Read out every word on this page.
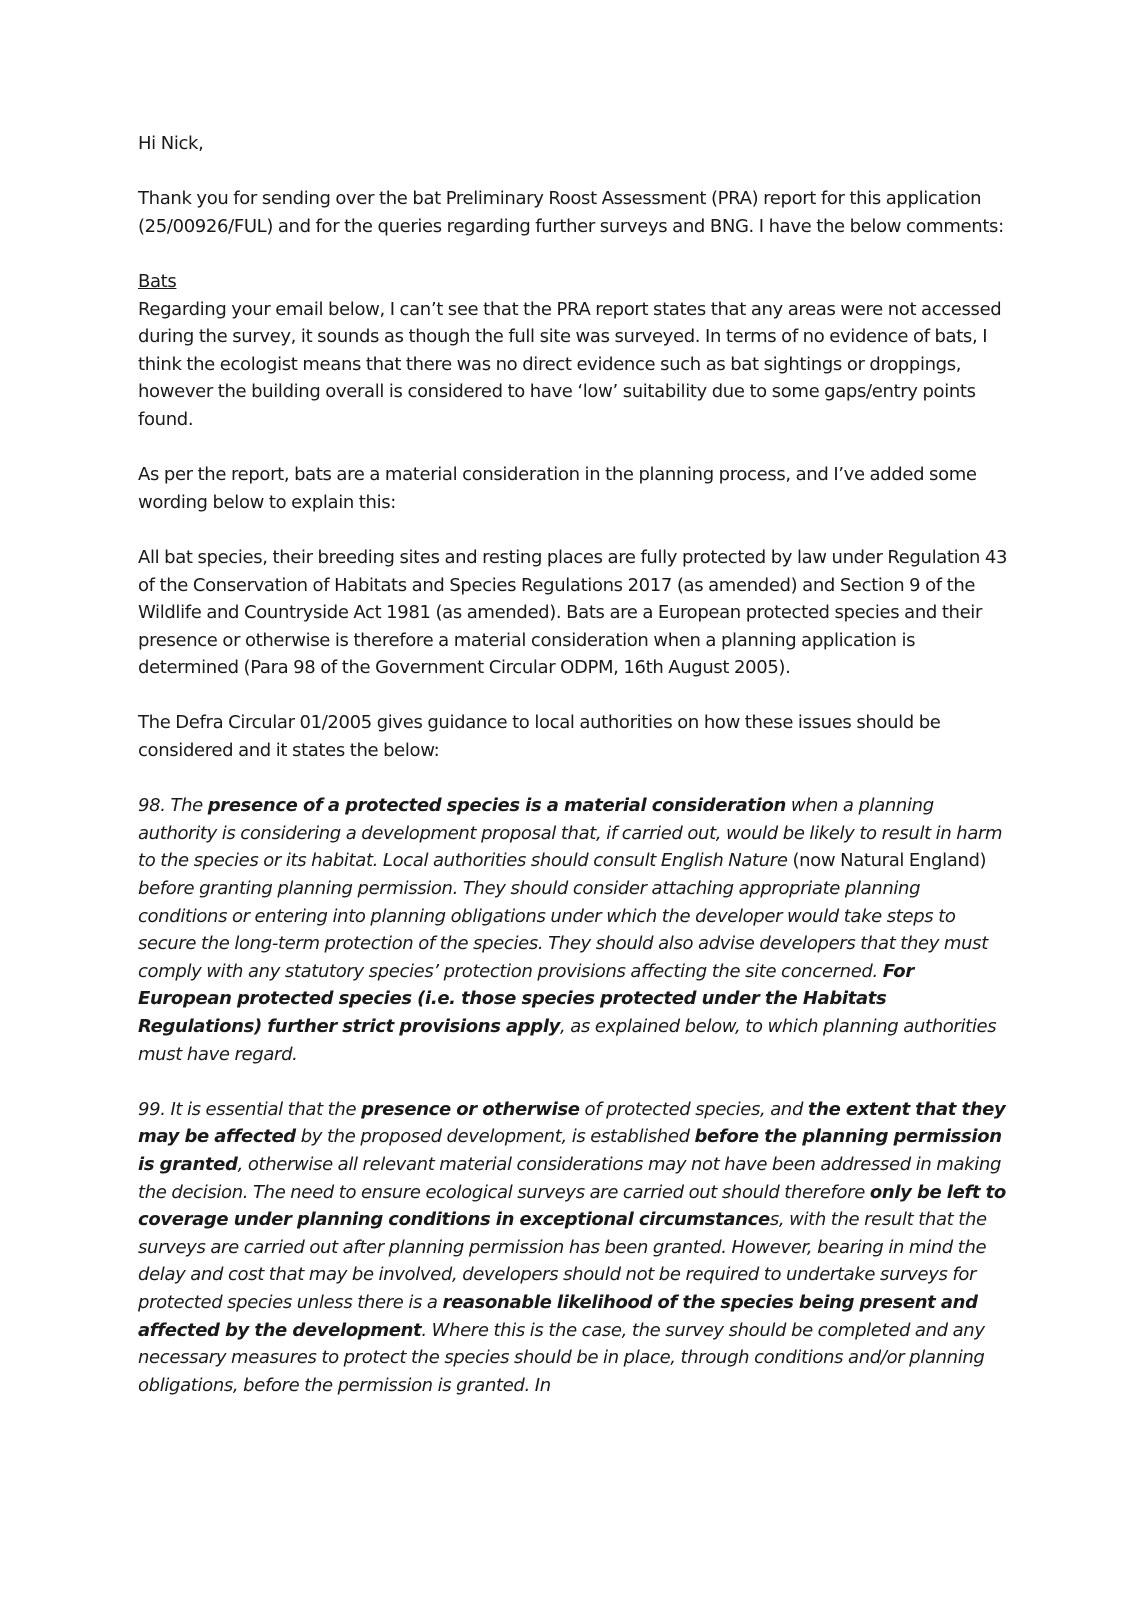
Hi Nick,

Thank you for sending over the bat Preliminary Roost Assessment (PRA) report for this application (25/00926/FUL) and for the queries regarding further surveys and BNG. I have the below comments:

Bats

Regarding your email below, I can’t see that the PRA report states that any areas were not accessed during the survey, it sounds as though the full site was surveyed. In terms of no evidence of bats, I think the ecologist means that there was no direct evidence such as bat sightings or droppings, however the building overall is considered to have ‘low’ suitability due to some gaps/entry points found.

As per the report, bats are a material consideration in the planning process, and I’ve added some wording below to explain this:

All bat species, their breeding sites and resting places are fully protected by law under Regulation 43 of the Conservation of Habitats and Species Regulations 2017 (as amended) and Section 9 of the Wildlife and Countryside Act 1981 (as amended). Bats are a European protected species and their presence or otherwise is therefore a material consideration when a planning application is determined (Para 98 of the Government Circular ODPM, 16th August 2005).

The Defra Circular 01/2005 gives guidance to local authorities on how these issues should be considered and it states the below:

98. The presence of a protected species is a material consideration when a planning authority is considering a development proposal that, if carried out, would be likely to result in harm to the species or its habitat. Local authorities should consult English Nature (now Natural England) before granting planning permission. They should consider attaching appropriate planning conditions or entering into planning obligations under which the developer would take steps to secure the long-term protection of the species. They should also advise developers that they must comply with any statutory species’ protection provisions affecting the site concerned. For European protected species (i.e. those species protected under the Habitats Regulations) further strict provisions apply, as explained below, to which planning authorities must have regard.

99. It is essential that the presence or otherwise of protected species, and the extent that they may be affected by the proposed development, is established before the planning permission is granted, otherwise all relevant material considerations may not have been addressed in making the decision. The need to ensure ecological surveys are carried out should therefore only be left to coverage under planning conditions in exceptional circumstances, with the result that the surveys are carried out after planning permission has been granted. However, bearing in mind the delay and cost that may be involved, developers should not be required to undertake surveys for protected species unless there is a reasonable likelihood of the species being present and affected by the development. Where this is the case, the survey should be completed and any necessary measures to protect the species should be in place, through conditions and/or planning obligations, before the permission is granted. In
